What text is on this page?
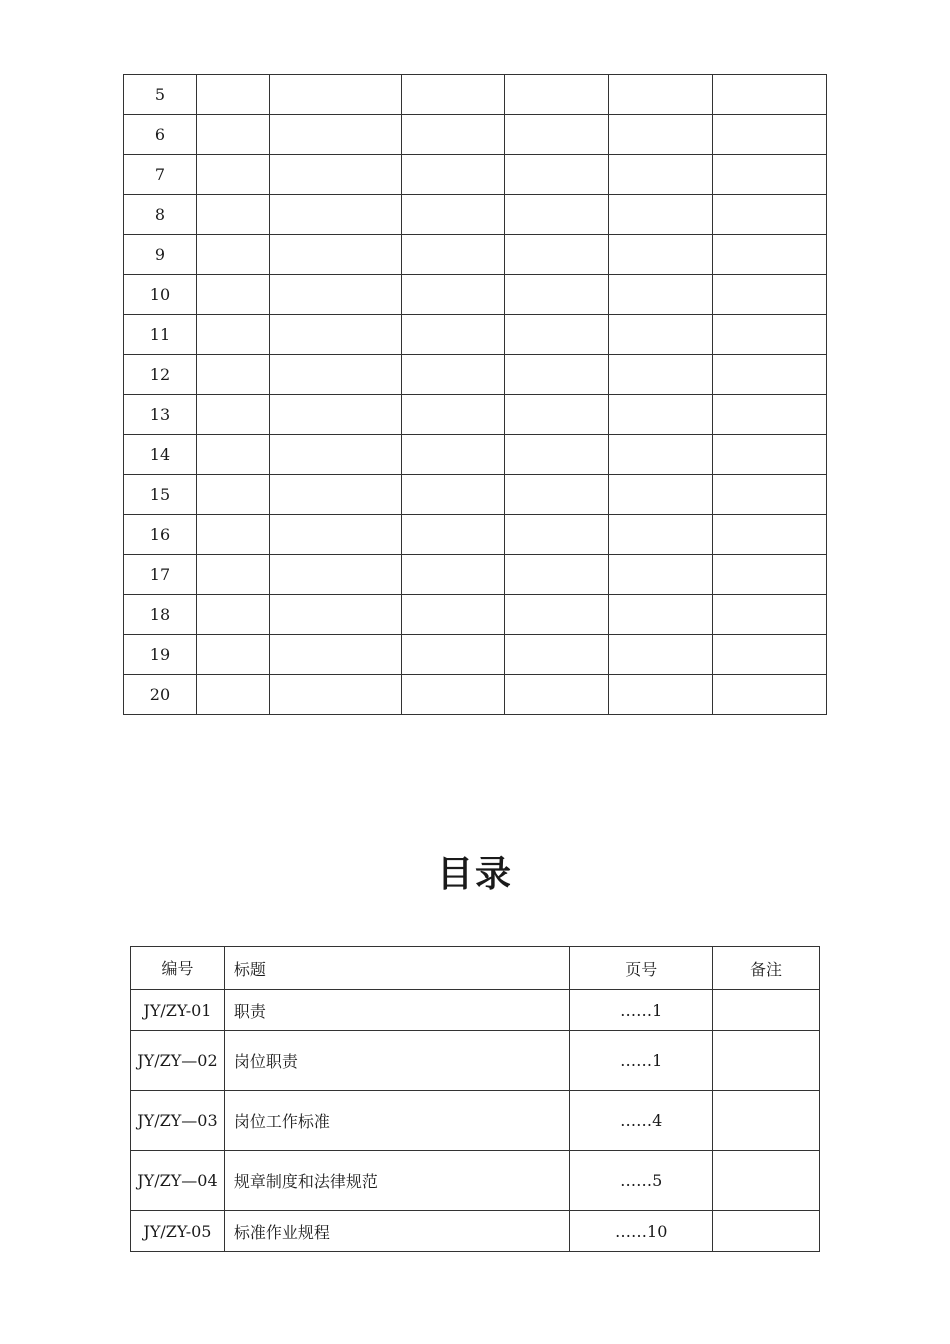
5						
6						
7						
8						
9						
10						
11						
12						
13						
14						
15						
16						
17						
18						
19						
20						
目录
编号	标题	页号	备注
JY/ZY-01	职责	……1	
JY/ZY—02	岗位职责	……1	
JY/ZY—03	岗位工作标准	……4	
JY/ZY—04	规章制度和法律规范	……5	
JY/ZY-05	标准作业规程	……10	
